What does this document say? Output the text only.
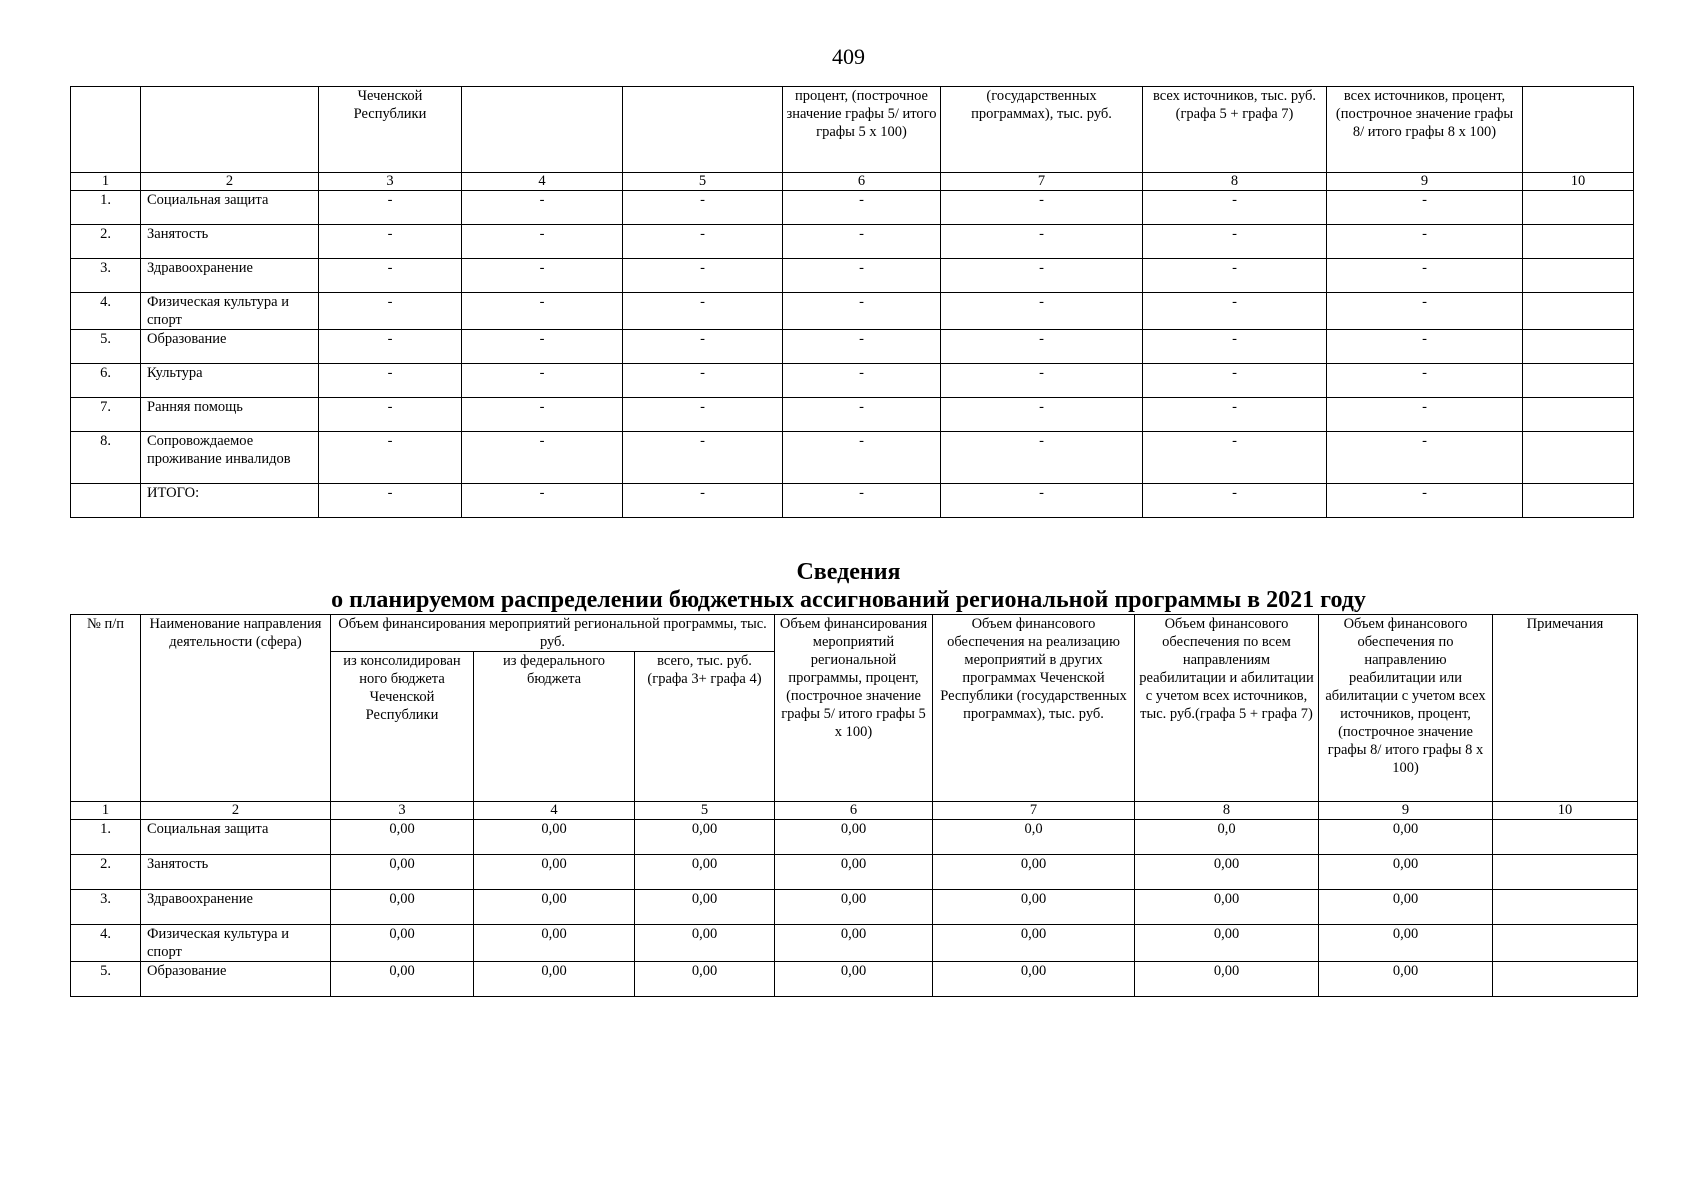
409
		Чеченской Республики			процент, (построчное значение графы 5/ итого графы 5 х 100)	(государственных программах), тыс. руб.	всех источников, тыс. руб.(графа 5 + графа 7)	всех источников, процент, (построчное значение графы 8/ итого графы 8 х 100)	
1	2	3	4	5	6	7	8	9	10
1.	Социальная защита	-	-	-	-	-	-	-	
2.	Занятость	-	-	-	-	-	-	-	
3.	Здравоохранение	-	-	-	-	-	-	-	
4.	Физическая культура и спорт	-	-	-	-	-	-	-	
5.	Образование	-	-	-	-	-	-	-	
6.	Культура	-	-	-	-	-	-	-	
7.	Ранняя помощь	-	-	-	-	-	-	-	
8.	Сопровождаемое проживание инвалидов	-	-	-	-	-	-	-	
	ИТОГО:	-	-	-	-	-	-	-	
Сведения
о планируемом распределении бюджетных ассигнований региональной программы в 2021 году
№ п/п	Наименование направления деятельности (сфера)	Объем финансирования мероприятий региональной программы, тыс. руб.			Объем финансирования мероприятий региональной программы, процент, (построчное значение графы 5/ итого графы 5 х 100)	Объем финансового обеспечения на реализацию мероприятий в других программах Чеченской Республики (государственных программах), тыс. руб.	Объем финансового обеспечения по всем направлениям реабилитации и абилитации с учетом всех источников, тыс. руб.(графа 5 + графа 7)	Объем финансового обеспечения по направлению реабилитации или абилитации с учетом всех источников, процент, (построчное значение графы 8/ итого графы 8 х 100)	Примечания
		из консолидирован ного бюджета Чеченской Республики	из федерального бюджета	всего, тыс. руб. (графа 3+ графа 4)					
1	2	3	4	5	6	7	8	9	10
1.	Социальная защита	0,00	0,00	0,00	0,00	0,0	0,0	0,00	
2.	Занятость	0,00	0,00	0,00	0,00	0,00	0,00	0,00	
3.	Здравоохранение	0,00	0,00	0,00	0,00	0,00	0,00	0,00	
4.	Физическая культура и спорт	0,00	0,00	0,00	0,00	0,00	0,00	0,00	
5.	Образование	0,00	0,00	0,00	0,00	0,00	0,00	0,00	
